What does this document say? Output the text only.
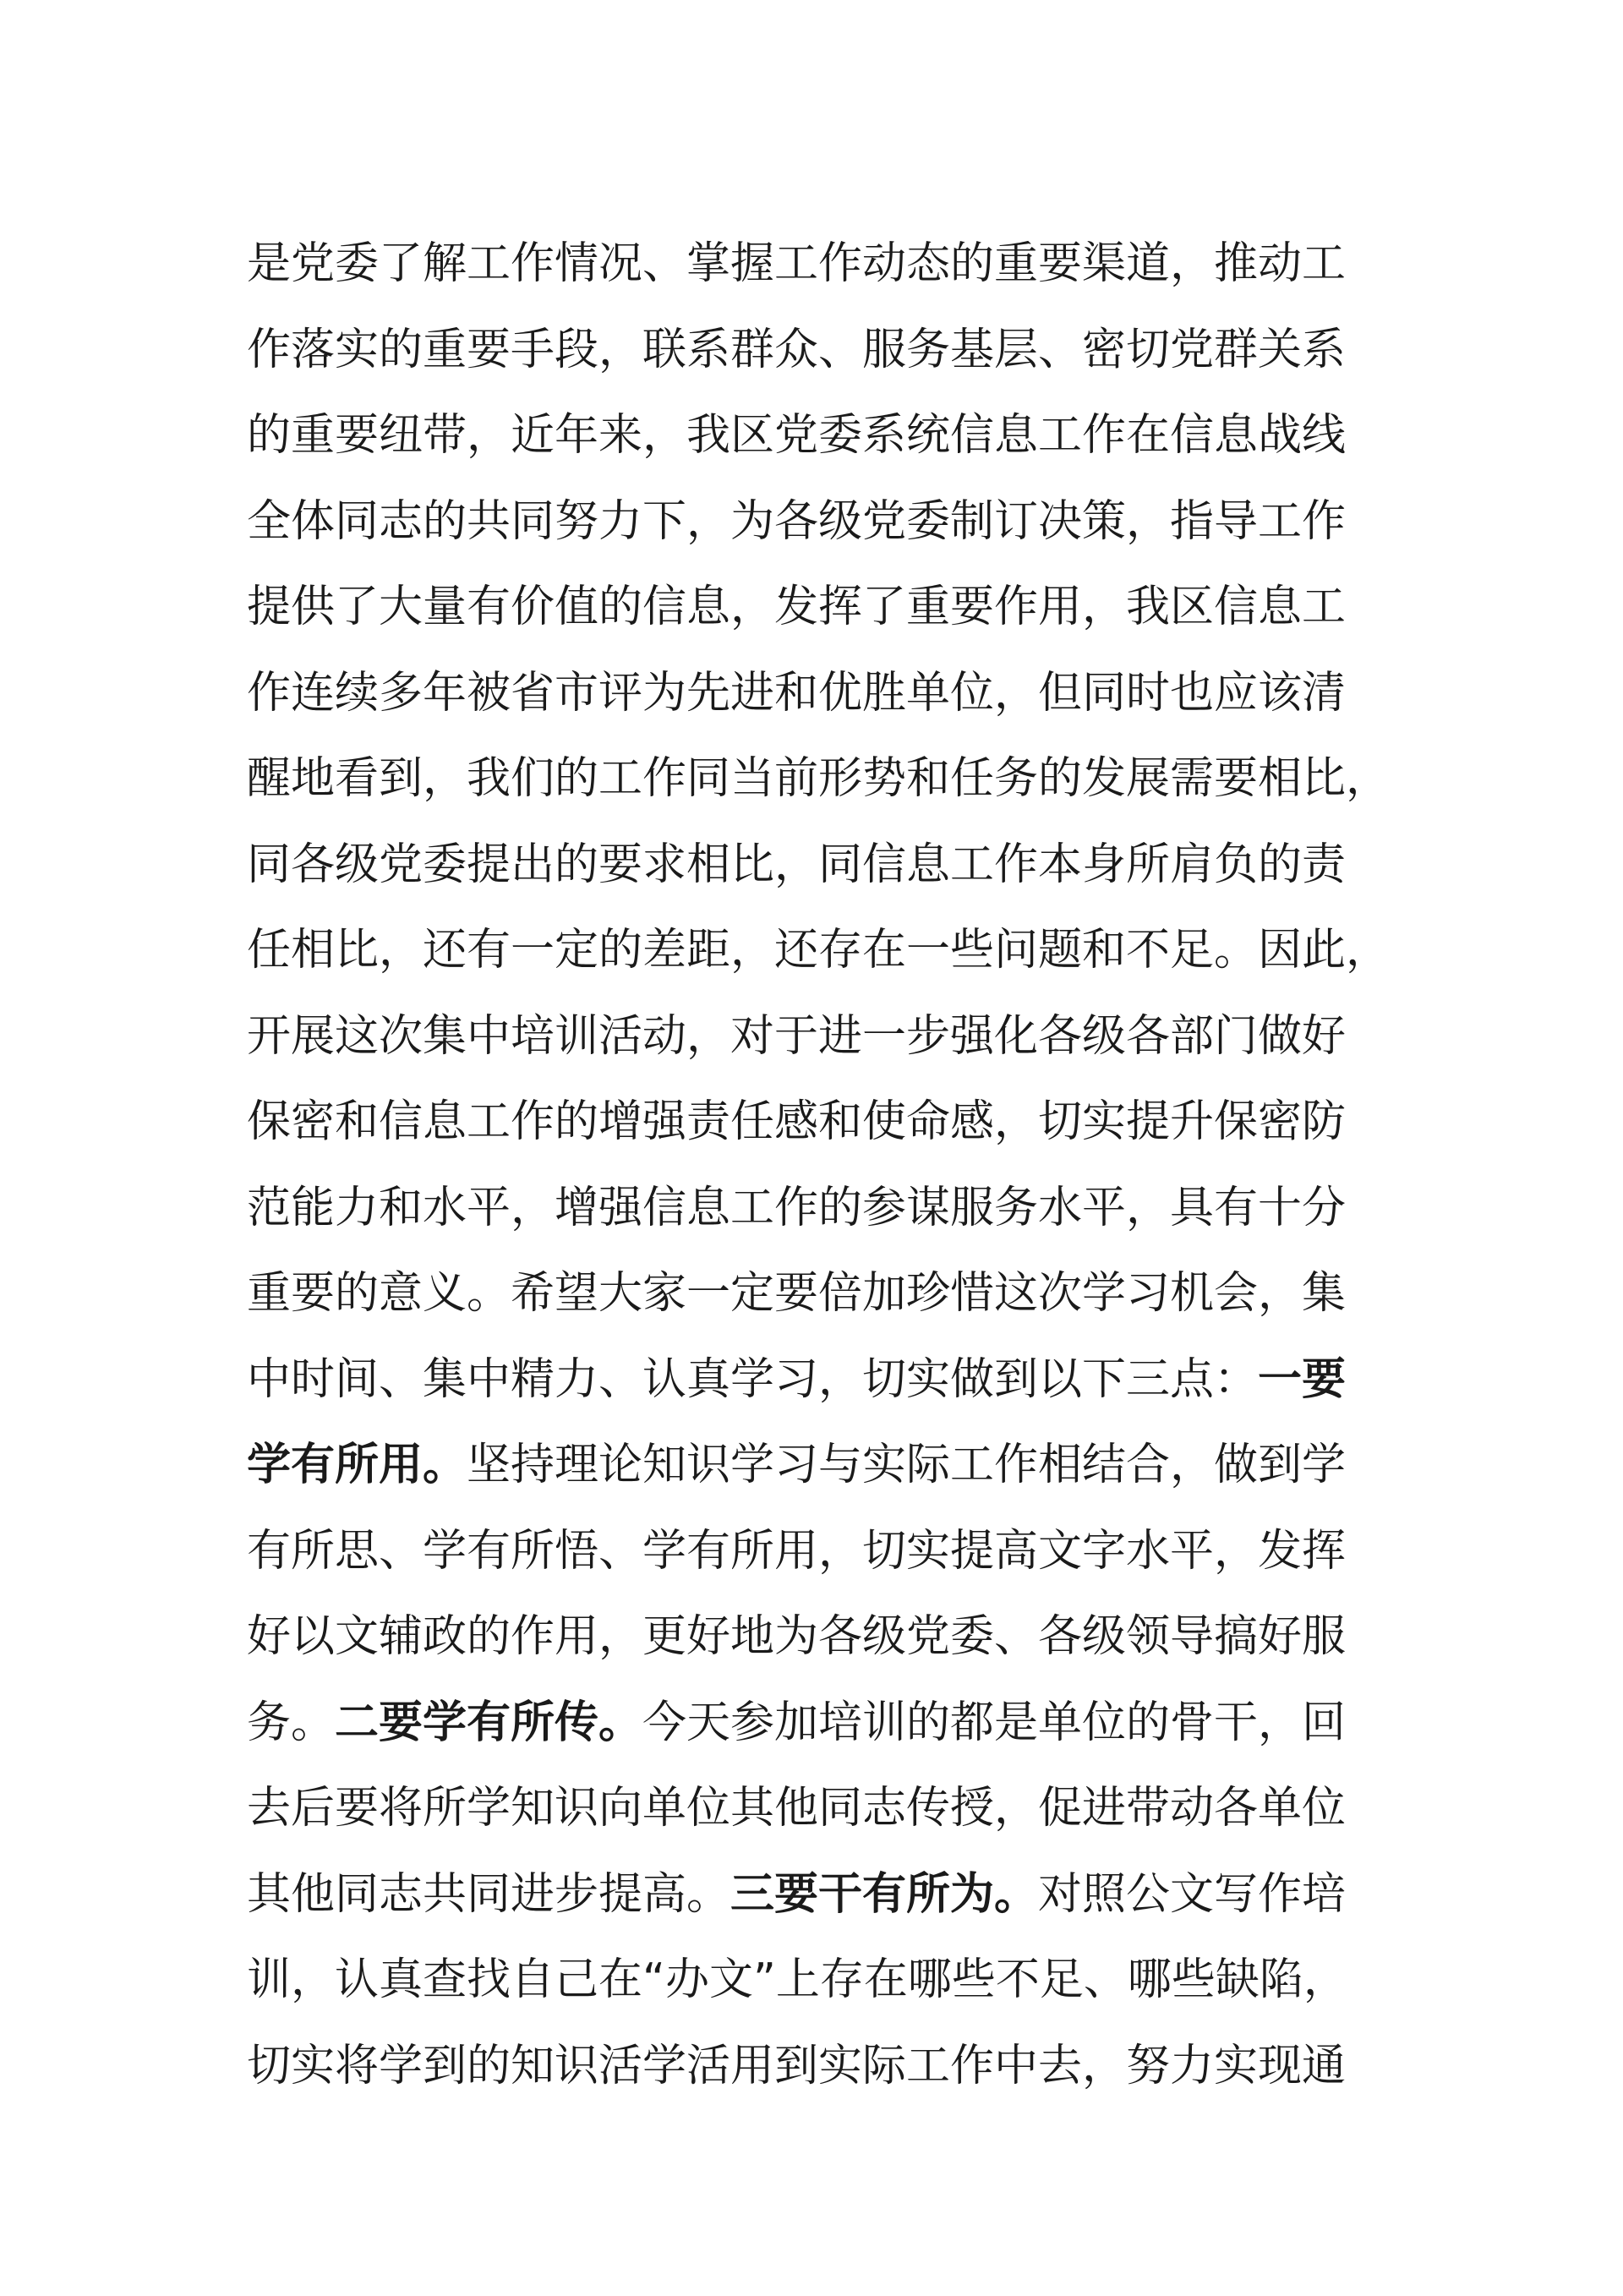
是党委了解工作情况、掌握工作动态的重要渠道，推动工
作落实的重要手段，联系群众、服务基层、密切党群关系
的重要纽带，近年来，我区党委系统信息工作在信息战线
全体同志的共同努力下，为各级党委制订决策，指导工作
提供了大量有价值的信息，发挥了重要作用，我区信息工
作连续多年被省市评为先进和优胜单位，但同时也应该清
醒地看到，我们的工作同当前形势和任务的发展需要相比，
同各级党委提出的要求相比，同信息工作本身所肩负的责
任相比，还有一定的差距，还存在一些问题和不足。因此，
开展这次集中培训活动，对于进一步强化各级各部门做好
保密和信息工作的增强责任感和使命感，切实提升保密防
范能力和水平，增强信息工作的参谋服务水平，具有十分
重要的意义。希望大家一定要倍加珍惜这次学习机会，集
中时间、集中精力、认真学习，切实做到以下三点：一要
学有所用。坚持理论知识学习与实际工作相结合，做到学
有所思、学有所悟、学有所用，切实提高文字水平，发挥
好以文辅政的作用，更好地为各级党委、各级领导搞好服
务。二要学有所传。今天参加培训的都是单位的骨干，回
去后要将所学知识向单位其他同志传授，促进带动各单位
其他同志共同进步提高。三要干有所为。对照公文写作培
训，认真查找自己在“办文”上存在哪些不足、哪些缺陷，
切实将学到的知识活学活用到实际工作中去，努力实现通
